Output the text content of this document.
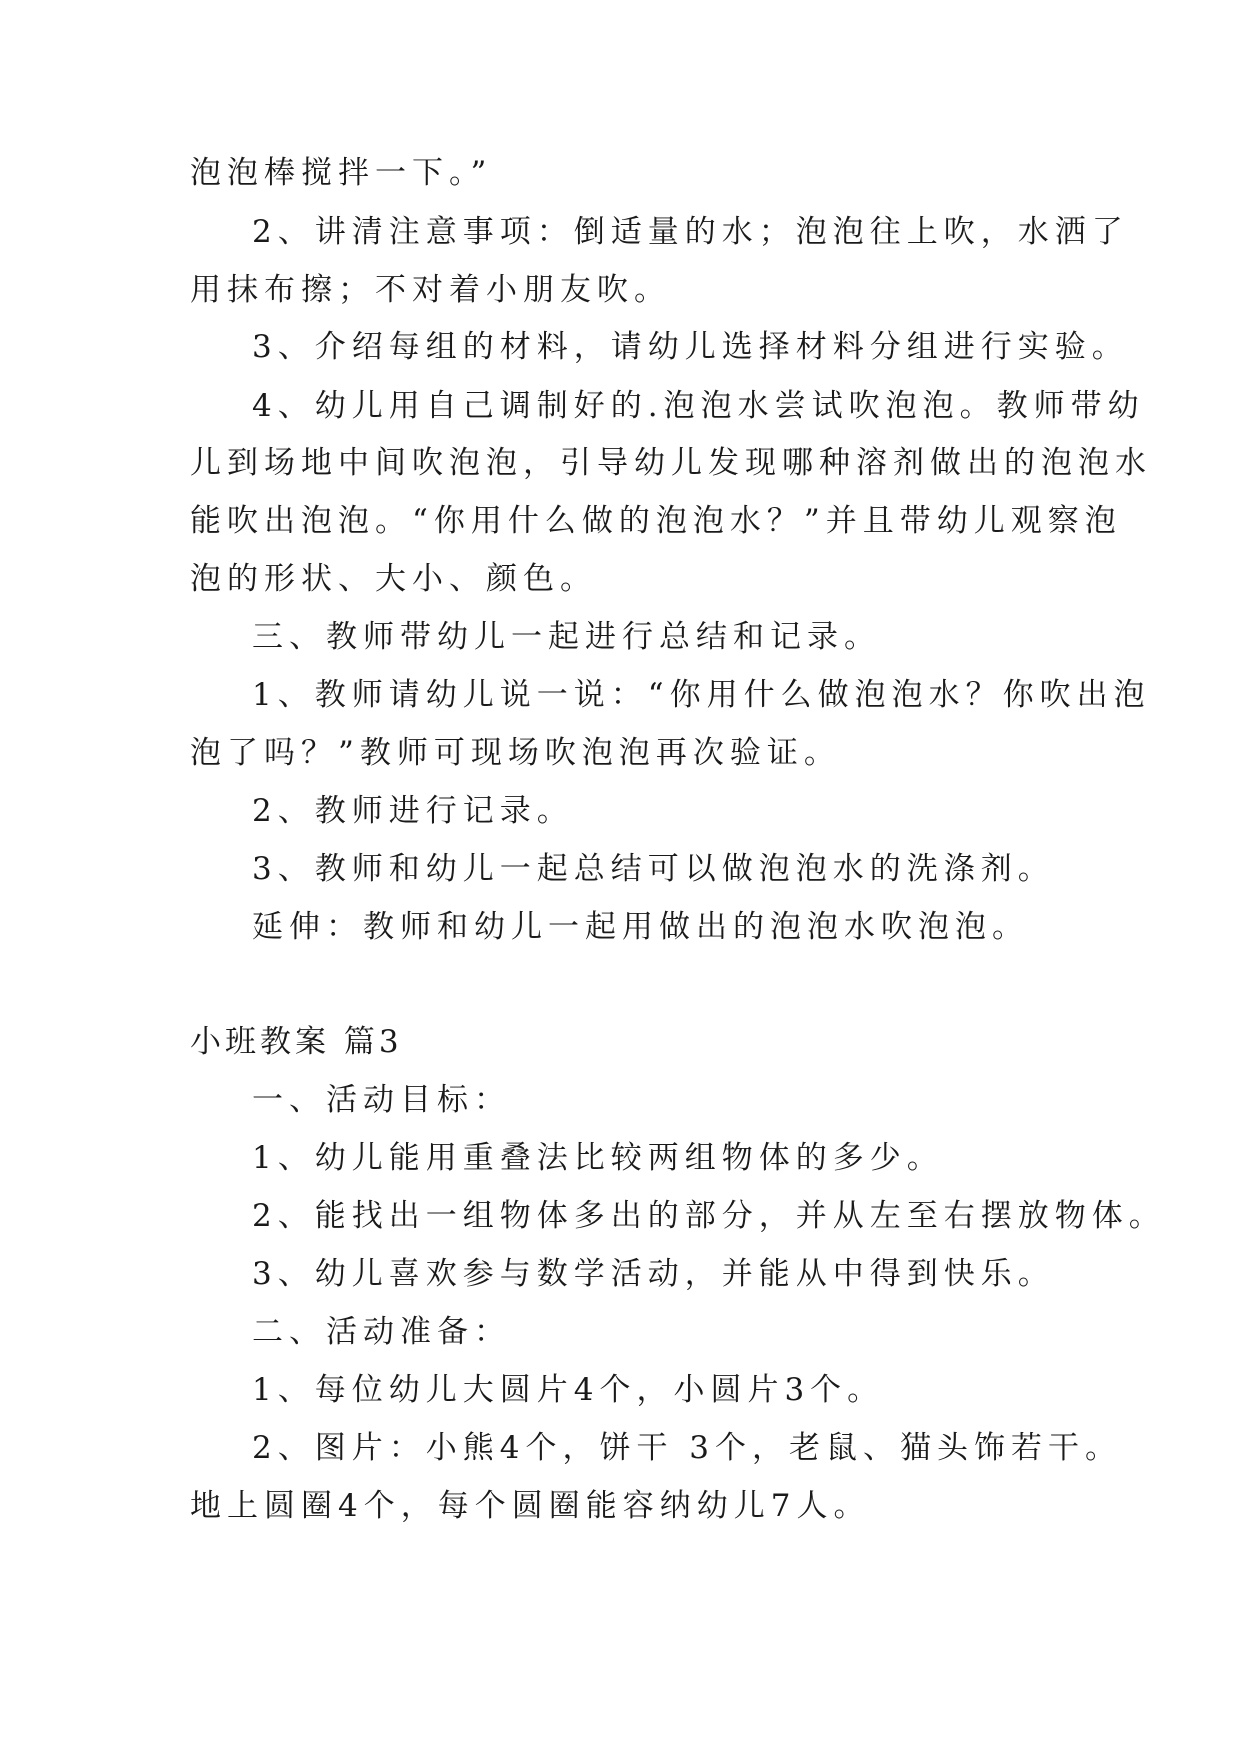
泡泡棒搅拌一下。”
2、讲清注意事项：倒适量的水；泡泡往上吹，水洒了
用抹布擦；不对着小朋友吹。
3、介绍每组的材料，请幼儿选择材料分组进行实验。
4、幼儿用自己调制好的.泡泡水尝试吹泡泡。教师带幼
儿到场地中间吹泡泡，引导幼儿发现哪种溶剂做出的泡泡水
能吹出泡泡。“你用什么做的泡泡水？”并且带幼儿观察泡
泡的形状、大小、颜色。
三、教师带幼儿一起进行总结和记录。
1、教师请幼儿说一说：“你用什么做泡泡水？你吹出泡
泡了吗？”教师可现场吹泡泡再次验证。
2、教师进行记录。
3、教师和幼儿一起总结可以做泡泡水的洗涤剂。
延伸：教师和幼儿一起用做出的泡泡水吹泡泡。
小班教案 篇3
一、活动目标：
1、幼儿能用重叠法比较两组物体的多少。
2、能找出一组物体多出的部分，并从左至右摆放物体。
3、幼儿喜欢参与数学活动，并能从中得到快乐。
二、活动准备：
1、每位幼儿大圆片4个，小圆片3个。
2、图片：小熊4个，饼干 3个，老鼠、猫头饰若干。
地上圆圈4个，每个圆圈能容纳幼儿7人。
